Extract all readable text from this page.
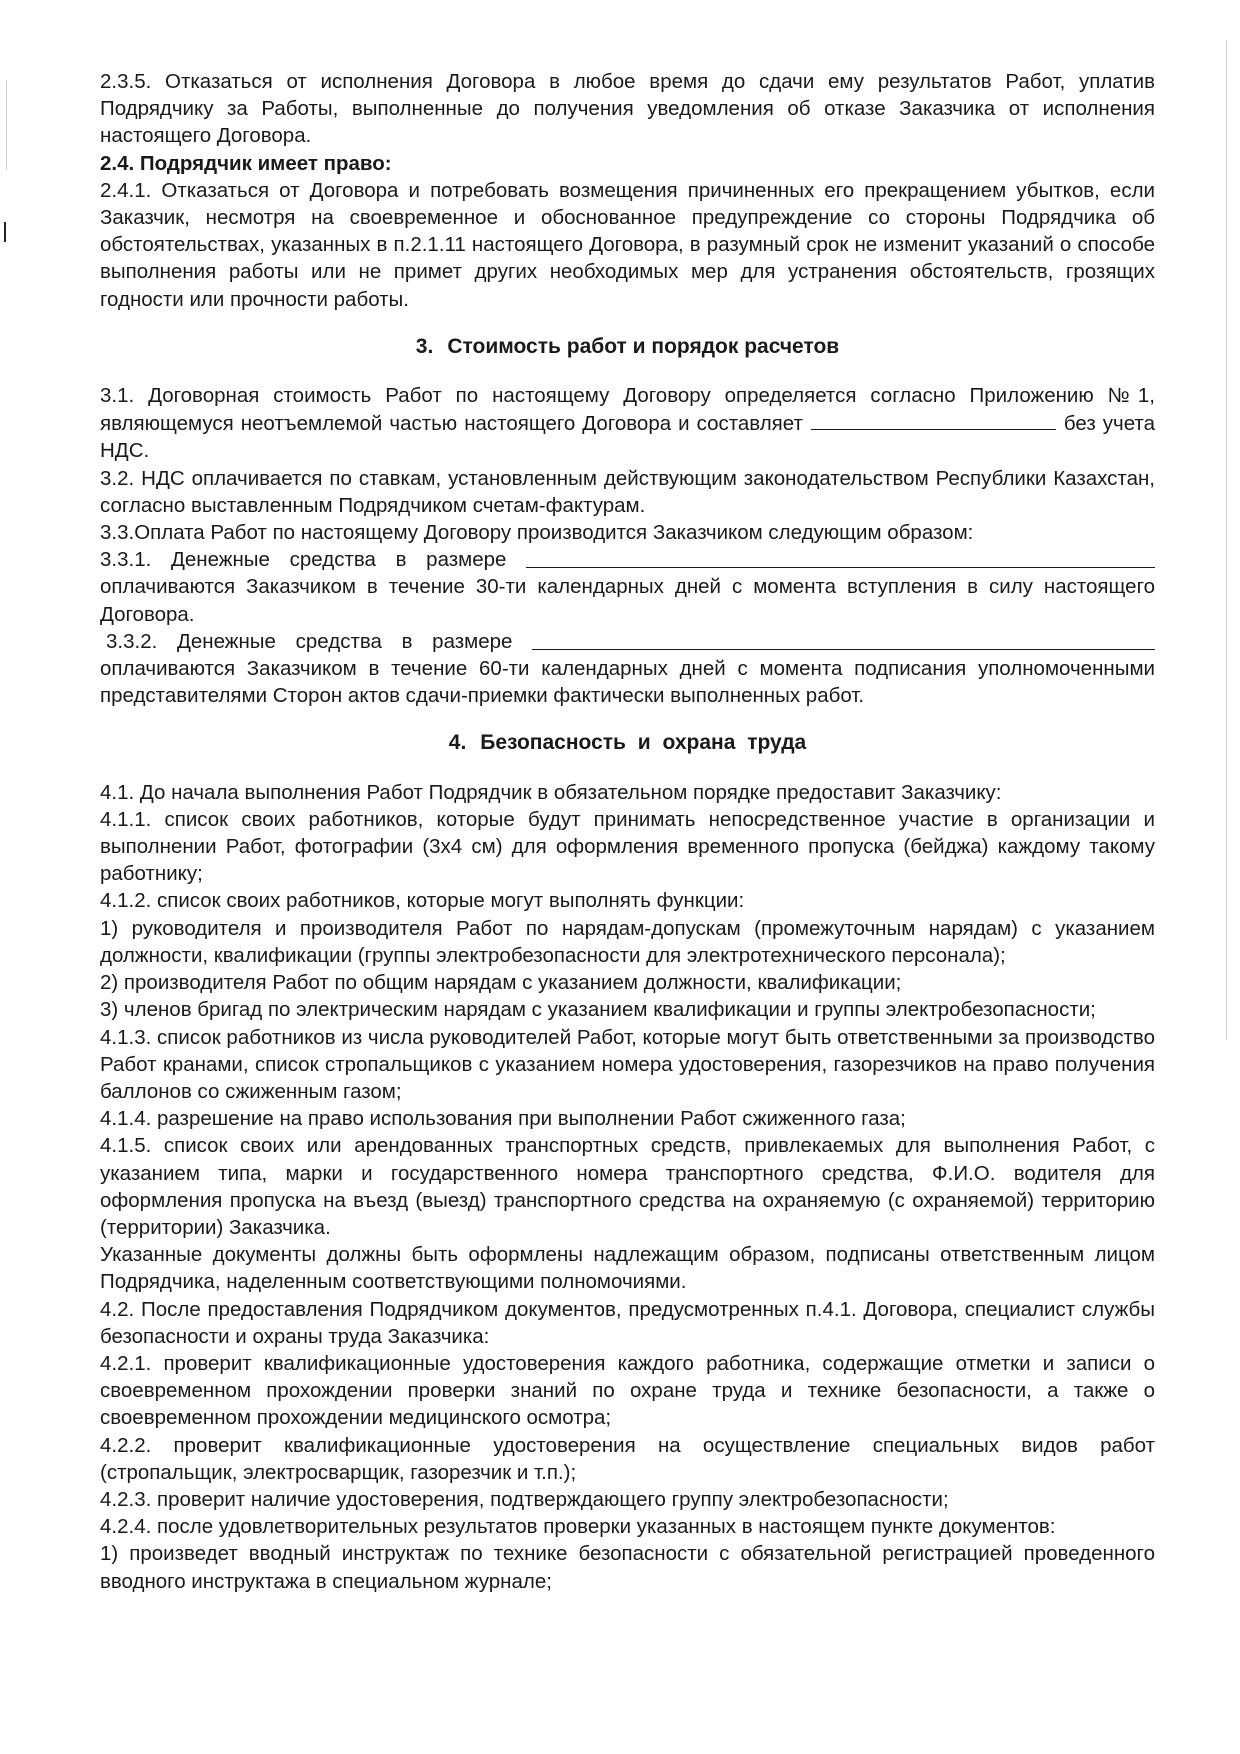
2.3.5. Отказаться от исполнения Договора в любое время до сдачи ему результатов Работ, уплатив Подрядчику за Работы, выполненные до получения уведомления об отказе Заказчика от исполнения настоящего Договора.

2.4. Подрядчик имеет право:

2.4.1. Отказаться от Договора и потребовать возмещения причиненных его прекращением убытков, если Заказчик, несмотря на своевременное и обоснованное предупреждение со стороны Подрядчика об обстоятельствах, указанных в п.2.1.11 настоящего Договора, в разумный срок не изменит указаний о способе выполнения работы или не примет других необходимых мер для устранения обстоятельств, грозящих годности или прочности работы.

3. Стоимость работ и порядок расчетов

3.1. Договорная стоимость Работ по настоящему Договору определяется согласно Приложению №1, являющемуся неотъемлемой частью настоящего Договора и составляет	без учета НДС.

3.2. НДС оплачивается по ставкам, установленным действующим законодательством Республики Казахстан, согласно выставленным Подрядчиком счетам-фактурам.

3.3.Оплата Работ по настоящему Договору производится Заказчиком следующим образом:

3.3.1. Денежные средства в размере

оплачиваются Заказчиком в течение 30-ти календарных дней с момента вступления в силу настоящего Договора.

3.3.2. Денежные средства в размере

оплачиваются Заказчиком в течение 60-ти календарных дней с момента подписания уполномоченными представителями Сторон актов сдачи-приемки фактически выполненных работ.

4. Безопасность и охрана труда

4.1. До начала выполнения Работ Подрядчик в обязательном порядке предоставит Заказчику:

4.1.1. список своих работников, которые будут принимать непосредственное участие в организации и выполнении Работ, фотографии (3х4 см) для оформления временного пропуска (бейджа) каждому такому работнику;

4.1.2. список своих работников, которые могут выполнять функции:

1) руководителя и производителя Работ по нарядам-допускам (промежуточным нарядам) с указанием должности, квалификации (группы электробезопасности для электротехнического персонала);

2) производителя Работ по общим нарядам с указанием должности, квалификации;

3) членов бригад по электрическим нарядам с указанием квалификации и группы электробезопасности;

4.1.3. список работников из числа руководителей Работ, которые могут быть ответственными за производство Работ кранами, список стропальщиков с указанием номера удостоверения, газорезчиков на право получения баллонов со сжиженным газом;

4.1.4. разрешение на право использования при выполнении Работ сжиженного газа;

4.1.5. список своих или арендованных транспортных средств, привлекаемых для выполнения Работ, с указанием типа, марки и государственного номера транспортного средства, Ф.И.О. водителя для оформления пропуска на въезд (выезд) транспортного средства на охраняемую (с охраняемой) территорию (территории) Заказчика.

Указанные документы должны быть оформлены надлежащим образом, подписаны ответственным лицом Подрядчика, наделенным соответствующими полномочиями.

4.2. После предоставления Подрядчиком документов, предусмотренных п.4.1. Договора, специалист службы безопасности и охраны труда Заказчика:

4.2.1. проверит квалификационные удостоверения каждого работника, содержащие отметки и записи о своевременном прохождении проверки знаний по охране труда и технике безопасности, а также о своевременном прохождении медицинского осмотра;

4.2.2. проверит квалификационные удостоверения на осуществление специальных видов работ (стропальщик, электросварщик, газорезчик и т.п.);

4.2.3. проверит наличие удостоверения, подтверждающего группу электробезопасности;

4.2.4. после удовлетворительных результатов проверки указанных в настоящем пункте документов:

1) произведет вводный инструктаж по технике безопасности с обязательной регистрацией проведенного вводного инструктажа в специальном журнале;
